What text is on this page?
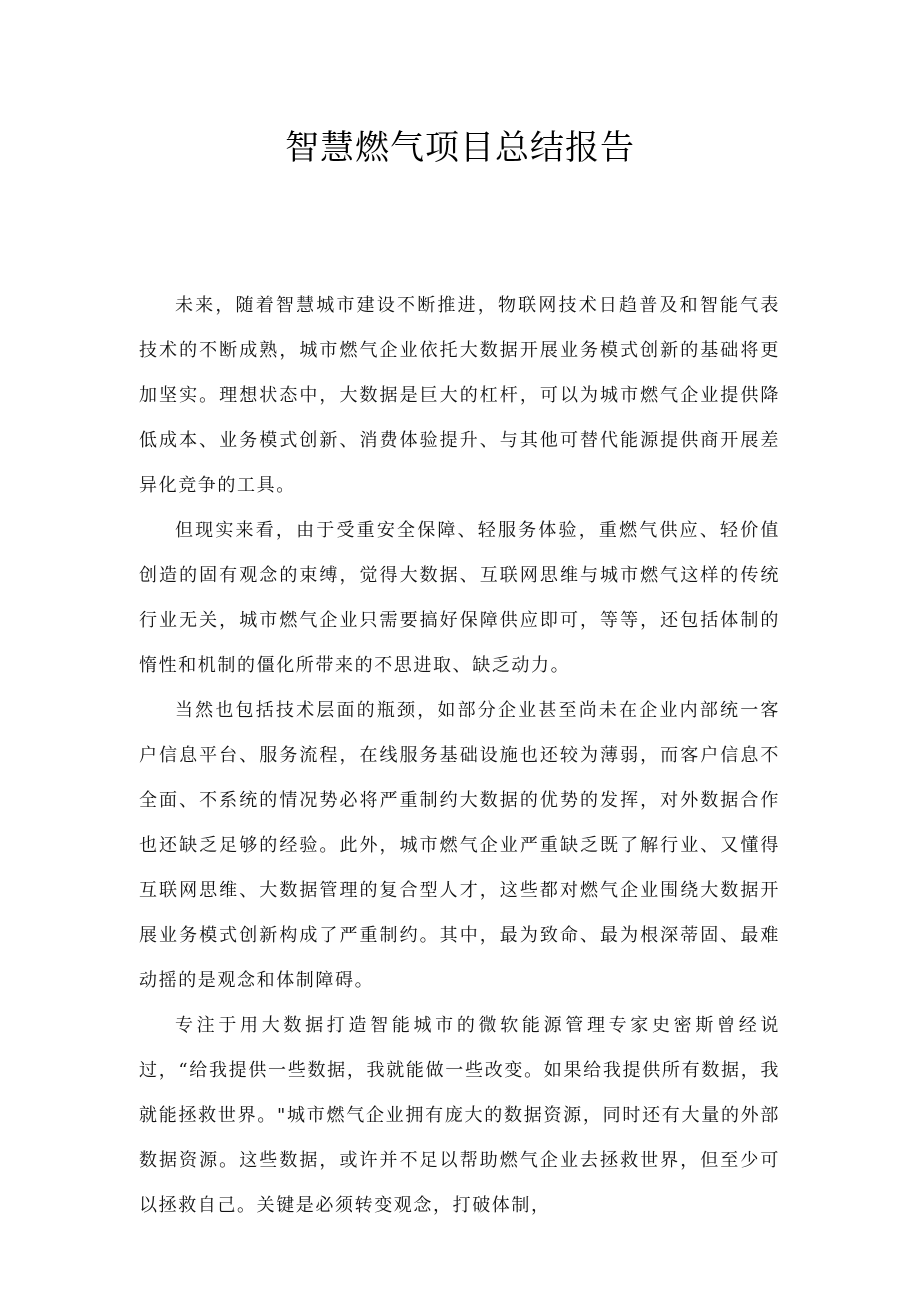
智慧燃气项目总结报告

未来，随着智慧城市建设不断推进，物联网技术日趋普及和智能气表技术的不断成熟，城市燃气企业依托大数据开展业务模式创新的基础将更加坚实。理想状态中，大数据是巨大的杠杆，可以为城市燃气企业提供降低成本、业务模式创新、消费体验提升、与其他可替代能源提供商开展差异化竞争的工具。

但现实来看，由于受重安全保障、轻服务体验，重燃气供应、轻价值创造的固有观念的束缚，觉得大数据、互联网思维与城市燃气这样的传统行业无关，城市燃气企业只需要搞好保障供应即可，等等，还包括体制的惰性和机制的僵化所带来的不思进取、缺乏动力。

当然也包括技术层面的瓶颈，如部分企业甚至尚未在企业内部统一客户信息平台、服务流程，在线服务基础设施也还较为薄弱，而客户信息不全面、不系统的情况势必将严重制约大数据的优势的发挥，对外数据合作也还缺乏足够的经验。此外，城市燃气企业严重缺乏既了解行业、又懂得互联网思维、大数据管理的复合型人才，这些都对燃气企业围绕大数据开展业务模式创新构成了严重制约。其中，最为致命、最为根深蒂固、最难动摇的是观念和体制障碍。

专注于用大数据打造智能城市的微软能源管理专家史密斯曾经说过，“给我提供一些数据，我就能做一些改变。如果给我提供所有数据，我就能拯救世界。"城市燃气企业拥有庞大的数据资源，同时还有大量的外部数据资源。这些数据，或许并不足以帮助燃气企业去拯救世界，但至少可以拯救自己。关键是必须转变观念，打破体制，
